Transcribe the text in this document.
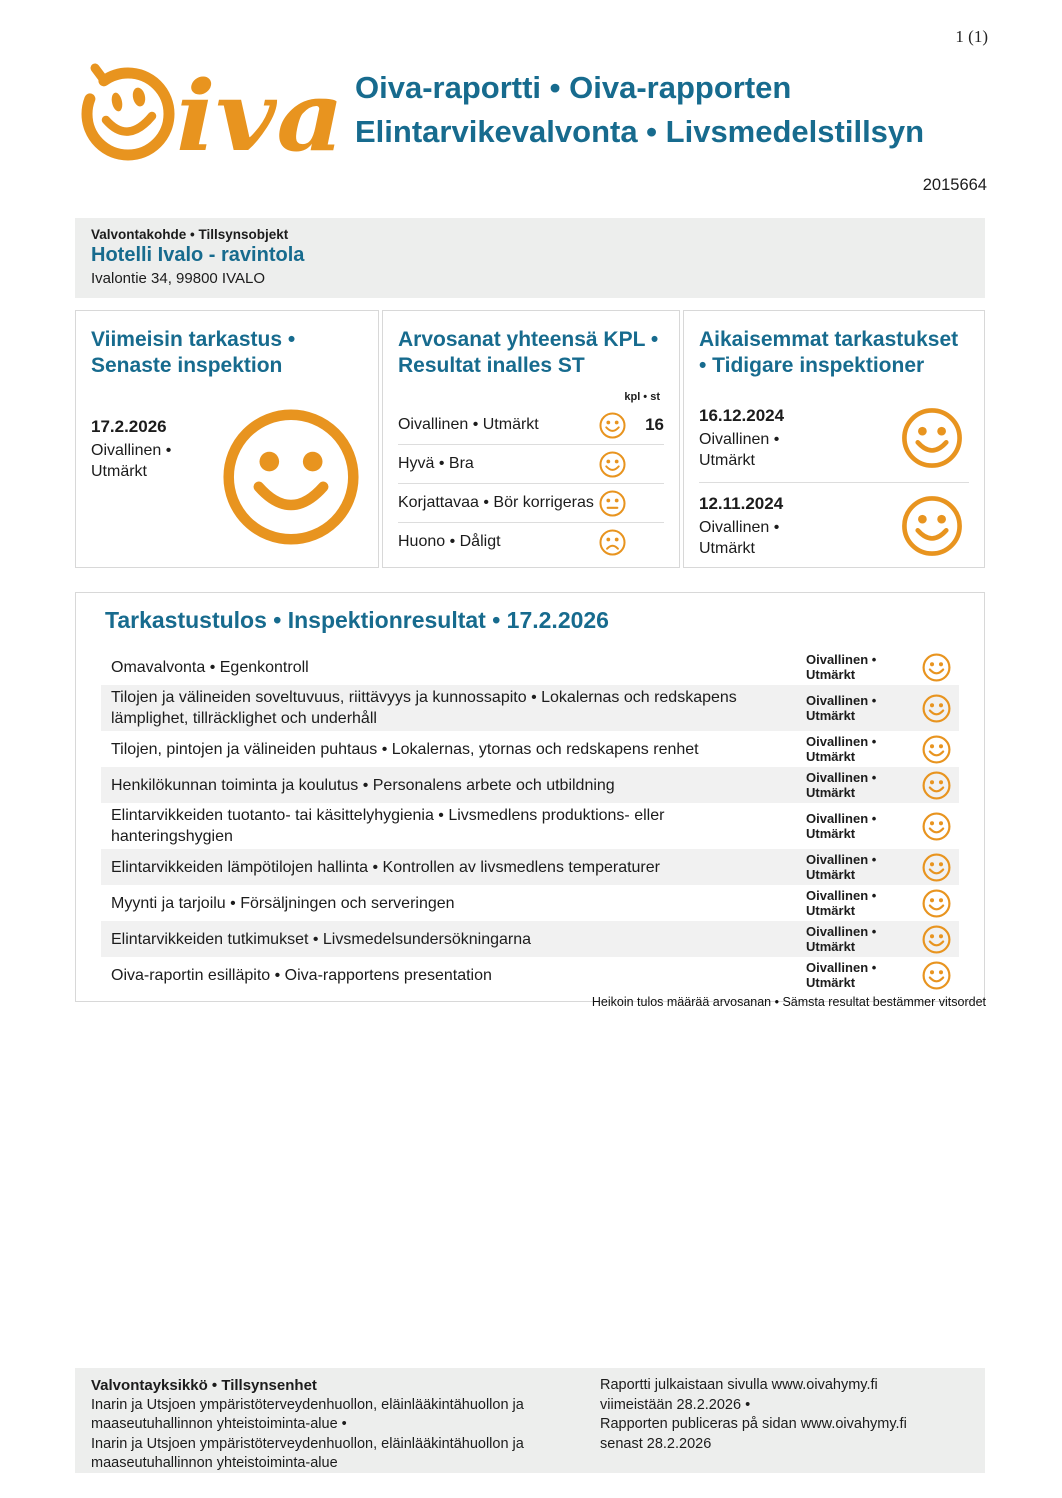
1 (1)
iva Oiva-raportti • Oiva-rapporten
Elintarvikevalvonta • Livsmedelstillsyn
2015664
Valvontakohde • Tillsynsobjekt
Hotelli Ivalo - ravintola
Ivalontie 34, 99800 IVALO
Viimeisin tarkastus • Senaste inspektion
17.2.2026
Oivallinen •
Utmärkt
Arvosanat yhteensä KPL • Resultat inalles ST
kpl • st
Oivallinen • Utmärkt	16
Hyvä • Bra
Korjattavaa • Bör korrigeras
Huono • Dåligt
Aikaisemmat tarkastukset • Tidigare inspektioner
16.12.2024
Oivallinen •
Utmärkt
12.11.2024
Oivallinen •
Utmärkt
Tarkastustulos • Inspektionresultat • 17.2.2026
Omavalvonta • Egenkontroll	Oivallinen •
Utmärkt
Tilojen ja välineiden soveltuvuus, riittävyys ja kunnossapito • Lokalernas och redskapens lämplighet, tillräcklighet och underhåll
Oivallinen •
Utmärkt
Tilojen, pintojen ja välineiden puhtaus • Lokalernas, ytornas och redskapens renhet	Oivallinen •
Utmärkt
Henkilökunnan toiminta ja koulutus • Personalens arbete och utbildning	Oivallinen •
Utmärkt
Elintarvikkeiden tuotanto- tai käsittelyhygienia • Livsmedlens produktions- eller hanteringshygien
Oivallinen •
Utmärkt
Elintarvikkeiden lämpötilojen hallinta • Kontrollen av livsmedlens temperaturer	Oivallinen •
Utmärkt
Myynti ja tarjoilu • Försäljningen och serveringen	Oivallinen •
Utmärkt
Elintarvikkeiden tutkimukset • Livsmedelsundersökningarna	Oivallinen •
Utmärkt
Oiva-raportin esilläpito • Oiva-rapportens presentation	Oivallinen •
Utmärkt
Heikoin tulos määrää arvosanan • Sämsta resultat bestämmer vitsordet
Valvontayksikkö • Tillsynsenhet
Inarin ja Utsjoen ympäristöterveydenhuollon, eläinlääkintähuollon ja
maaseutuhallinnon yhteistoiminta-alue •
Inarin ja Utsjoen ympäristöterveydenhuollon, eläinlääkintähuollon ja
maaseutuhallinnon yhteistoiminta-alue
Raportti julkaistaan sivulla www.oivahymy.fi
viimeistään 28.2.2026 •
Rapporten publiceras på sidan www.oivahymy.fi
senast 28.2.2026
